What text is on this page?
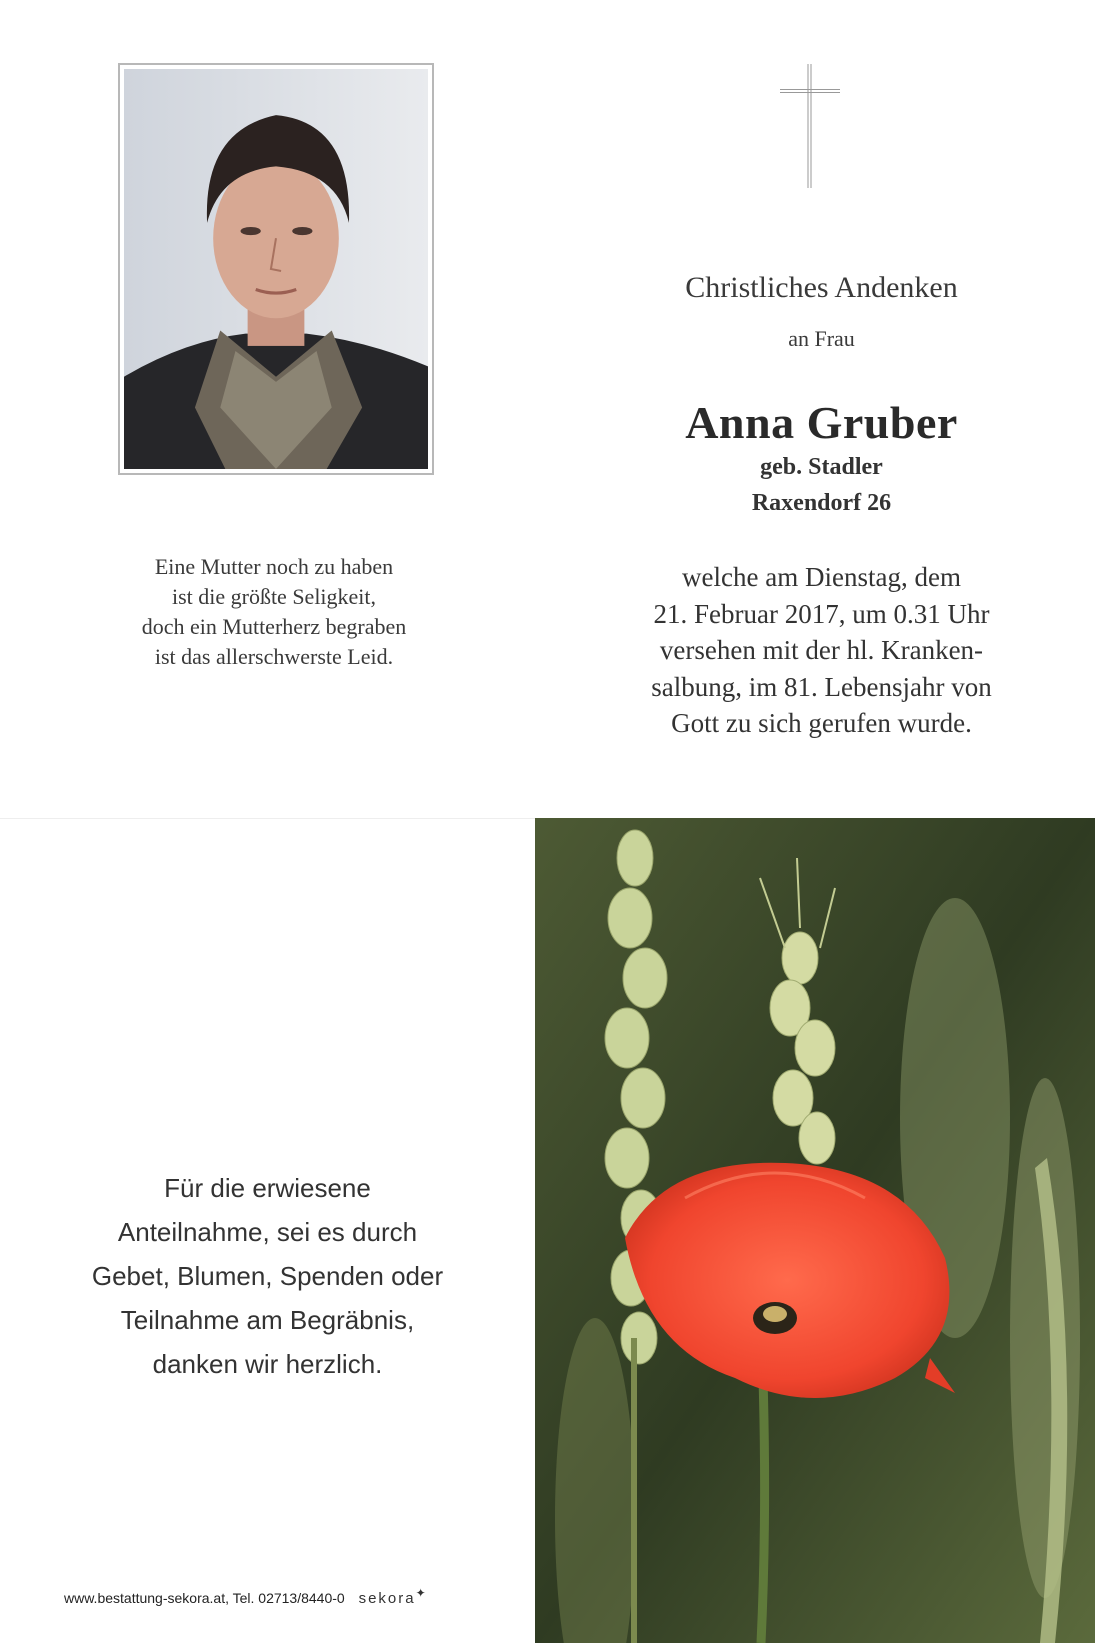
Eine Mutter noch zu haben
ist die größte Seligkeit,
doch ein Mutterherz begraben
ist das allerschwerste Leid.
Christliches Andenken
an Frau
Anna Gruber
geb. Stadler
Raxendorf 26
welche am Dienstag, dem
21. Februar 2017, um 0.31 Uhr
versehen mit der hl. Kranken-
salbung, im 81. Lebensjahr von
Gott zu sich gerufen wurde.
Für die erwiesene
Anteilnahme, sei es durch
Gebet, Blumen, Spenden oder
Teilnahme am Begräbnis,
danken wir herzlich.
www.bestattung-sekora.at, Tel. 02713/8440-0 sekora✦
